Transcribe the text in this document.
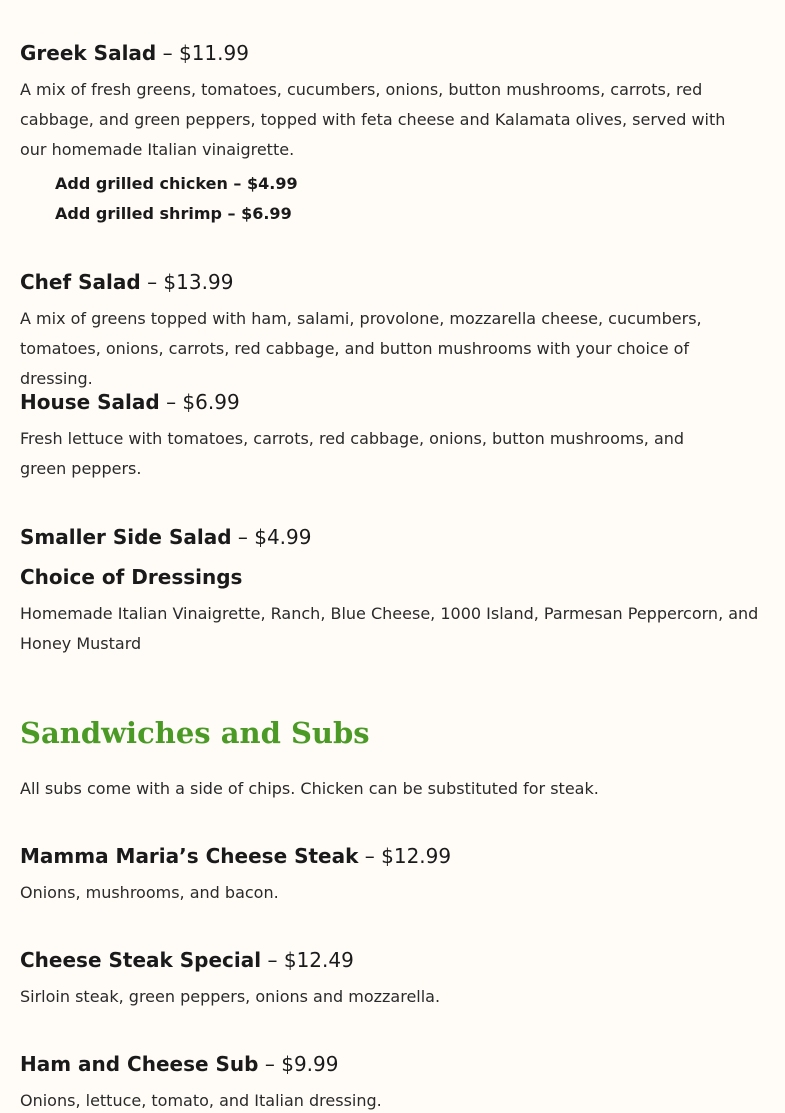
Greek Salad – $11.99
A mix of fresh greens, tomatoes, cucumbers, onions, button mushrooms, carrots, red cabbage, and green peppers, topped with feta cheese and Kalamata olives, served with our homemade Italian vinaigrette.
Add grilled chicken – $4.99
Add grilled shrimp – $6.99
Chef Salad – $13.99
A mix of greens topped with ham, salami, provolone, mozzarella cheese, cucumbers, tomatoes, onions, carrots, red cabbage, and button mushrooms with your choice of dressing.
House Salad – $6.99
Fresh lettuce with tomatoes, carrots, red cabbage, onions, button mushrooms, and green peppers.
Smaller Side Salad – $4.99
Choice of Dressings
Homemade Italian Vinaigrette, Ranch, Blue Cheese, 1000 Island, Parmesan Peppercorn, and Honey Mustard
Sandwiches and Subs
All subs come with a side of chips. Chicken can be substituted for steak.
Mamma Maria’s Cheese Steak – $12.99
Onions, mushrooms, and bacon.
Cheese Steak Special – $12.49
Sirloin steak, green peppers, onions and mozzarella.
Ham and Cheese Sub – $9.99
Onions, lettuce, tomato, and Italian dressing.
